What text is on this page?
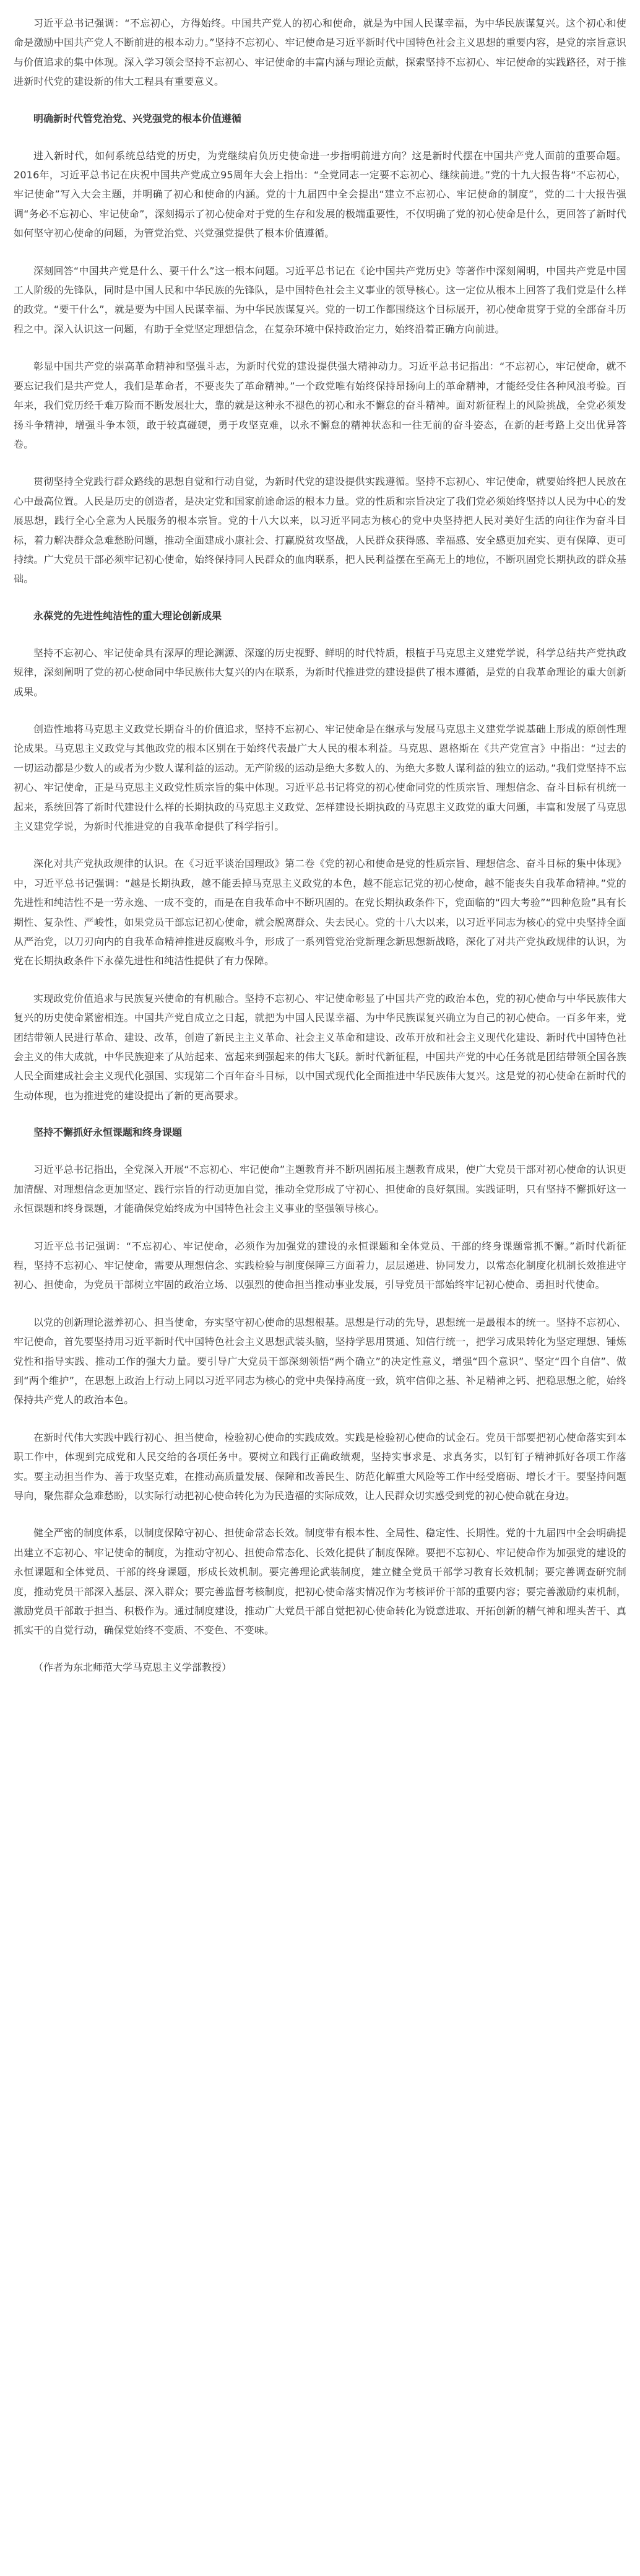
习近平总书记强调：“不忘初心，方得始终。中国共产党人的初心和使命，就是为中国人民谋幸福，为中华民族谋复兴。这个初心和使命是激励中国共产党人不断前进的根本动力。”坚持不忘初心、牢记使命是习近平新时代中国特色社会主义思想的重要内容，是党的宗旨意识与价值追求的集中体现。深入学习领会坚持不忘初心、牢记使命的丰富内涵与理论贡献，探索坚持不忘初心、牢记使命的实践路径，对于推进新时代党的建设新的伟大工程具有重要意义。

明确新时代管党治党、兴党强党的根本价值遵循

进入新时代，如何系统总结党的历史，为党继续肩负历史使命进一步指明前进方向？这是新时代摆在中国共产党人面前的重要命题。2016年，习近平总书记在庆祝中国共产党成立95周年大会上指出：“全党同志一定要不忘初心、继续前进。”党的十九大报告将“不忘初心，牢记使命”写入大会主题，并明确了初心和使命的内涵。党的十九届四中全会提出“建立不忘初心、牢记使命的制度”，党的二十大报告强调“务必不忘初心、牢记使命”，深刻揭示了初心使命对于党的生存和发展的极端重要性，不仅明确了党的初心使命是什么，更回答了新时代如何坚守初心使命的问题，为管党治党、兴党强党提供了根本价值遵循。

深刻回答“中国共产党是什么、要干什么”这一根本问题。习近平总书记在《论中国共产党历史》等著作中深刻阐明，中国共产党是中国工人阶级的先锋队，同时是中国人民和中华民族的先锋队，是中国特色社会主义事业的领导核心。这一定位从根本上回答了我们党是什么样的政党。“要干什么”，就是要为中国人民谋幸福、为中华民族谋复兴。党的一切工作都围绕这个目标展开，初心使命贯穿于党的全部奋斗历程之中。深入认识这一问题，有助于全党坚定理想信念，在复杂环境中保持政治定力，始终沿着正确方向前进。

彰显中国共产党的崇高革命精神和坚强斗志，为新时代党的建设提供强大精神动力。习近平总书记指出：“不忘初心，牢记使命，就不要忘记我们是共产党人，我们是革命者，不要丧失了革命精神。”一个政党唯有始终保持昂扬向上的革命精神，才能经受住各种风浪考验。百年来，我们党历经千难万险而不断发展壮大，靠的就是这种永不褪色的初心和永不懈怠的奋斗精神。面对新征程上的风险挑战，全党必须发扬斗争精神，增强斗争本领，敢于较真碰硬，勇于攻坚克难，以永不懈怠的精神状态和一往无前的奋斗姿态，在新的赶考路上交出优异答卷。

贯彻坚持全党践行群众路线的思想自觉和行动自觉，为新时代党的建设提供实践遵循。坚持不忘初心、牢记使命，就要始终把人民放在心中最高位置。人民是历史的创造者，是决定党和国家前途命运的根本力量。党的性质和宗旨决定了我们党必须始终坚持以人民为中心的发展思想，践行全心全意为人民服务的根本宗旨。党的十八大以来，以习近平同志为核心的党中央坚持把人民对美好生活的向往作为奋斗目标，着力解决群众急难愁盼问题，推动全面建成小康社会、打赢脱贫攻坚战，人民群众获得感、幸福感、安全感更加充实、更有保障、更可持续。广大党员干部必须牢记初心使命，始终保持同人民群众的血肉联系，把人民利益摆在至高无上的地位，不断巩固党长期执政的群众基础。

永葆党的先进性纯洁性的重大理论创新成果

坚持不忘初心、牢记使命具有深厚的理论渊源、深邃的历史视野、鲜明的时代特质，根植于马克思主义建党学说，科学总结共产党执政规律，深刻阐明了党的初心使命同中华民族伟大复兴的内在联系，为新时代推进党的建设提供了根本遵循，是党的自我革命理论的重大创新成果。

创造性地将马克思主义政党长期奋斗的价值追求，坚持不忘初心、牢记使命是在继承与发展马克思主义建党学说基础上形成的原创性理论成果。马克思主义政党与其他政党的根本区别在于始终代表最广大人民的根本利益。马克思、恩格斯在《共产党宣言》中指出：“过去的一切运动都是少数人的或者为少数人谋利益的运动。无产阶级的运动是绝大多数人的、为绝大多数人谋利益的独立的运动。”我们党坚持不忘初心、牢记使命，正是马克思主义政党性质宗旨的集中体现。习近平总书记将党的初心使命同党的性质宗旨、理想信念、奋斗目标有机统一起来，系统回答了新时代建设什么样的长期执政的马克思主义政党、怎样建设长期执政的马克思主义政党的重大问题，丰富和发展了马克思主义建党学说，为新时代推进党的自我革命提供了科学指引。

深化对共产党执政规律的认识。在《习近平谈治国理政》第二卷《党的初心和使命是党的性质宗旨、理想信念、奋斗目标的集中体现》中，习近平总书记强调：“越是长期执政，越不能丢掉马克思主义政党的本色，越不能忘记党的初心使命，越不能丧失自我革命精神。”党的先进性和纯洁性不是一劳永逸、一成不变的，而是在自我革命中不断巩固的。在党长期执政条件下，党面临的“四大考验”“四种危险”具有长期性、复杂性、严峻性，如果党员干部忘记初心使命，就会脱离群众、失去民心。党的十八大以来，以习近平同志为核心的党中央坚持全面从严治党，以刀刃向内的自我革命精神推进反腐败斗争，形成了一系列管党治党新理念新思想新战略，深化了对共产党执政规律的认识，为党在长期执政条件下永葆先进性和纯洁性提供了有力保障。

实现政党价值追求与民族复兴使命的有机融合。坚持不忘初心、牢记使命彰显了中国共产党的政治本色，党的初心使命与中华民族伟大复兴的历史使命紧密相连。中国共产党自成立之日起，就把为中国人民谋幸福、为中华民族谋复兴确立为自己的初心使命。一百多年来，党团结带领人民进行革命、建设、改革，创造了新民主主义革命、社会主义革命和建设、改革开放和社会主义现代化建设、新时代中国特色社会主义的伟大成就，中华民族迎来了从站起来、富起来到强起来的伟大飞跃。新时代新征程，中国共产党的中心任务就是团结带领全国各族人民全面建成社会主义现代化强国、实现第二个百年奋斗目标，以中国式现代化全面推进中华民族伟大复兴。这是党的初心使命在新时代的生动体现，也为推进党的建设提出了新的更高要求。

坚持不懈抓好永恒课题和终身课题

习近平总书记指出，全党深入开展“不忘初心、牢记使命”主题教育并不断巩固拓展主题教育成果，使广大党员干部对初心使命的认识更加清醒、对理想信念更加坚定、践行宗旨的行动更加自觉，推动全党形成了守初心、担使命的良好氛围。实践证明，只有坚持不懈抓好这一永恒课题和终身课题，才能确保党始终成为中国特色社会主义事业的坚强领导核心。

习近平总书记强调：“不忘初心、牢记使命，必须作为加强党的建设的永恒课题和全体党员、干部的终身课题常抓不懈。”新时代新征程，坚持不忘初心、牢记使命，需要从理想信念、实践检验与制度保障三方面着力，层层递进、协同发力，以常态化制度化机制长效推进守初心、担使命，为党员干部树立牢固的政治立场、以强烈的使命担当推动事业发展，引导党员干部始终牢记初心使命、勇担时代使命。

以党的创新理论滋养初心、担当使命，夯实坚守初心使命的思想根基。思想是行动的先导，思想统一是最根本的统一。坚持不忘初心、牢记使命，首先要坚持用习近平新时代中国特色社会主义思想武装头脑，坚持学思用贯通、知信行统一，把学习成果转化为坚定理想、锤炼党性和指导实践、推动工作的强大力量。要引导广大党员干部深刻领悟“两个确立”的决定性意义，增强“四个意识”、坚定“四个自信”、做到“两个维护”，在思想上政治上行动上同以习近平同志为核心的党中央保持高度一致，筑牢信仰之基、补足精神之钙、把稳思想之舵，始终保持共产党人的政治本色。

在新时代伟大实践中践行初心、担当使命，检验初心使命的实践成效。实践是检验初心使命的试金石。党员干部要把初心使命落实到本职工作中，体现到完成党和人民交给的各项任务中。要树立和践行正确政绩观，坚持实事求是、求真务实，以钉钉子精神抓好各项工作落实。要主动担当作为、善于攻坚克难，在推动高质量发展、保障和改善民生、防范化解重大风险等工作中经受磨砺、增长才干。要坚持问题导向，聚焦群众急难愁盼，以实际行动把初心使命转化为为民造福的实际成效，让人民群众切实感受到党的初心使命就在身边。

健全严密的制度体系，以制度保障守初心、担使命常态长效。制度带有根本性、全局性、稳定性、长期性。党的十九届四中全会明确提出建立不忘初心、牢记使命的制度，为推动守初心、担使命常态化、长效化提供了制度保障。要把不忘初心、牢记使命作为加强党的建设的永恒课题和全体党员、干部的终身课题，形成长效机制。要完善理论武装制度，建立健全党员干部学习教育长效机制；要完善调查研究制度，推动党员干部深入基层、深入群众；要完善监督考核制度，把初心使命落实情况作为考核评价干部的重要内容；要完善激励约束机制，激励党员干部敢于担当、积极作为。通过制度建设，推动广大党员干部自觉把初心使命转化为锐意进取、开拓创新的精气神和埋头苦干、真抓实干的自觉行动，确保党始终不变质、不变色、不变味。

（作者为东北师范大学马克思主义学部教授）
